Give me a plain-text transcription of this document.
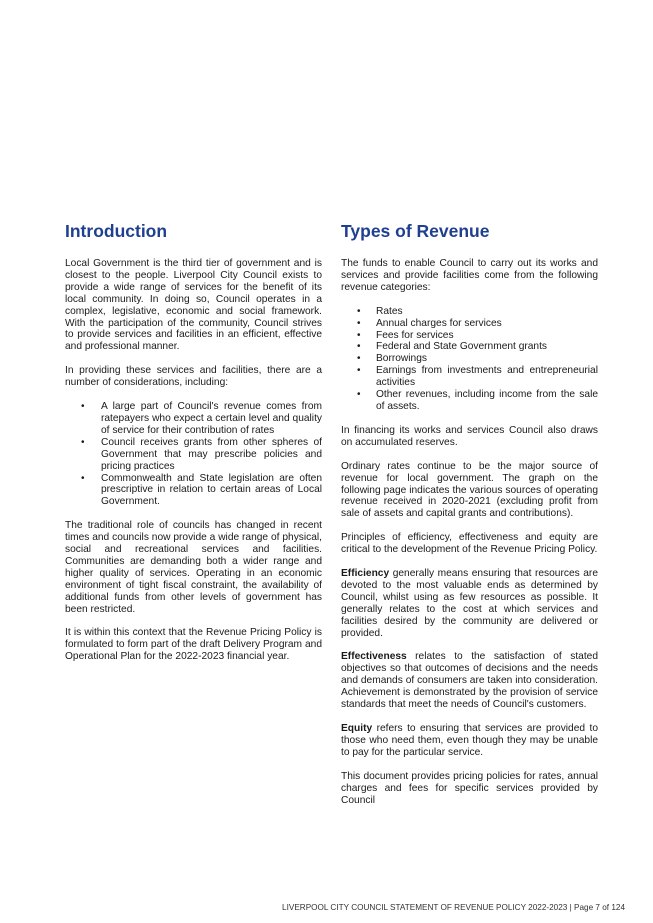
Introduction

Local Government is the third tier of government and is closest to the people. Liverpool City Council exists to provide a wide range of services for the benefit of its local community. In doing so, Council operates in a complex, legislative, economic and social framework. With the participation of the community, Council strives to provide services and facilities in an efficient, effective and professional manner.

In providing these services and facilities, there are a number of considerations, including:

• A large part of Council's revenue comes from ratepayers who expect a certain level and quality of service for their contribution of rates
• Council receives grants from other spheres of Government that may prescribe policies and pricing practices
• Commonwealth and State legislation are often prescriptive in relation to certain areas of Local Government.

The traditional role of councils has changed in recent times and councils now provide a wide range of physical, social and recreational services and facilities. Communities are demanding both a wider range and higher quality of services. Operating in an economic environment of tight fiscal constraint, the availability of additional funds from other levels of government has been restricted.

It is within this context that the Revenue Pricing Policy is formulated to form part of the draft Delivery Program and Operational Plan for the 2022-2023 financial year.

Types of Revenue

The funds to enable Council to carry out its works and services and provide facilities come from the following revenue categories:

• Rates
• Annual charges for services
• Fees for services
• Federal and State Government grants
• Borrowings
• Earnings from investments and entrepreneurial activities
• Other revenues, including income from the sale of assets.

In financing its works and services Council also draws on accumulated reserves.

Ordinary rates continue to be the major source of revenue for local government. The graph on the following page indicates the various sources of operating revenue received in 2020-2021 (excluding profit from sale of assets and capital grants and contributions).

Principles of efficiency, effectiveness and equity are critical to the development of the Revenue Pricing Policy.

Efficiency generally means ensuring that resources are devoted to the most valuable ends as determined by Council, whilst using as few resources as possible. It generally relates to the cost at which services and facilities desired by the community are delivered or provided.

Effectiveness relates to the satisfaction of stated objectives so that outcomes of decisions and the needs and demands of consumers are taken into consideration. Achievement is demonstrated by the provision of service standards that meet the needs of Council's customers.

Equity refers to ensuring that services are provided to those who need them, even though they may be unable to pay for the particular service.

This document provides pricing policies for rates, annual charges and fees for specific services provided by Council

LIVERPOOL CITY COUNCIL STATEMENT OF REVENUE POLICY 2022-2023 | Page 7 of 124
